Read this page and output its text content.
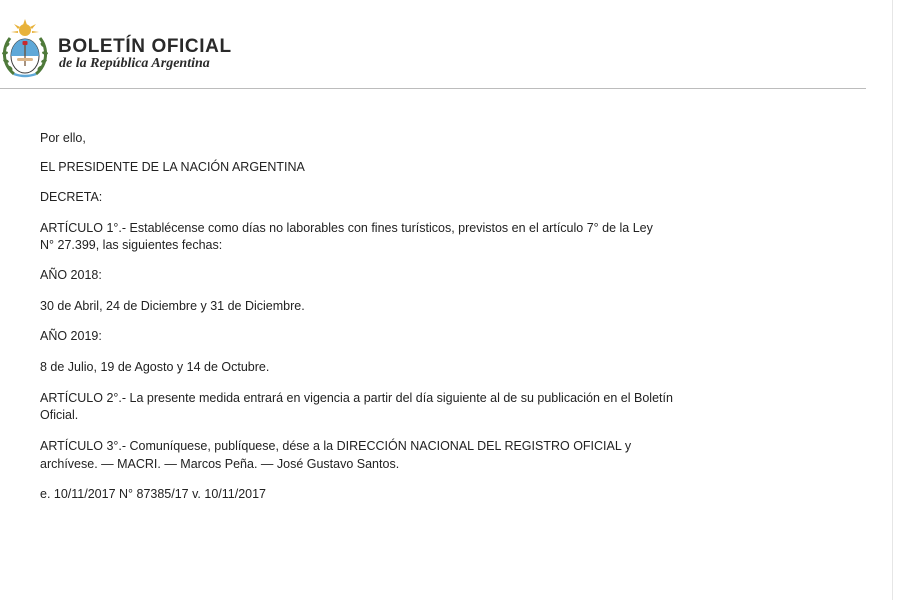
BOLETÍN OFICIAL
de la República Argentina

Por ello,

EL PRESIDENTE DE LA NACIÓN ARGENTINA

DECRETA:

ARTÍCULO 1°.- Establécense como días no laborables con fines turísticos, previstos en el artículo 7° de la Ley

N° 27.399, las siguientes fechas:

AÑO 2018:

30 de Abril, 24 de Diciembre y 31 de Diciembre.

AÑO 2019:

8 de Julio, 19 de Agosto y 14 de Octubre.

ARTÍCULO 2°.- La presente medida entrará en vigencia a partir del día siguiente al de su publicación en el Boletín

Oficial.

ARTÍCULO 3°.- Comuníquese, publíquese, dése a la DIRECCIÓN NACIONAL DEL REGISTRO OFICIAL y

archívese. — MACRI. — Marcos Peña. — José Gustavo Santos.

e. 10/11/2017 N° 87385/17 v. 10/11/2017
